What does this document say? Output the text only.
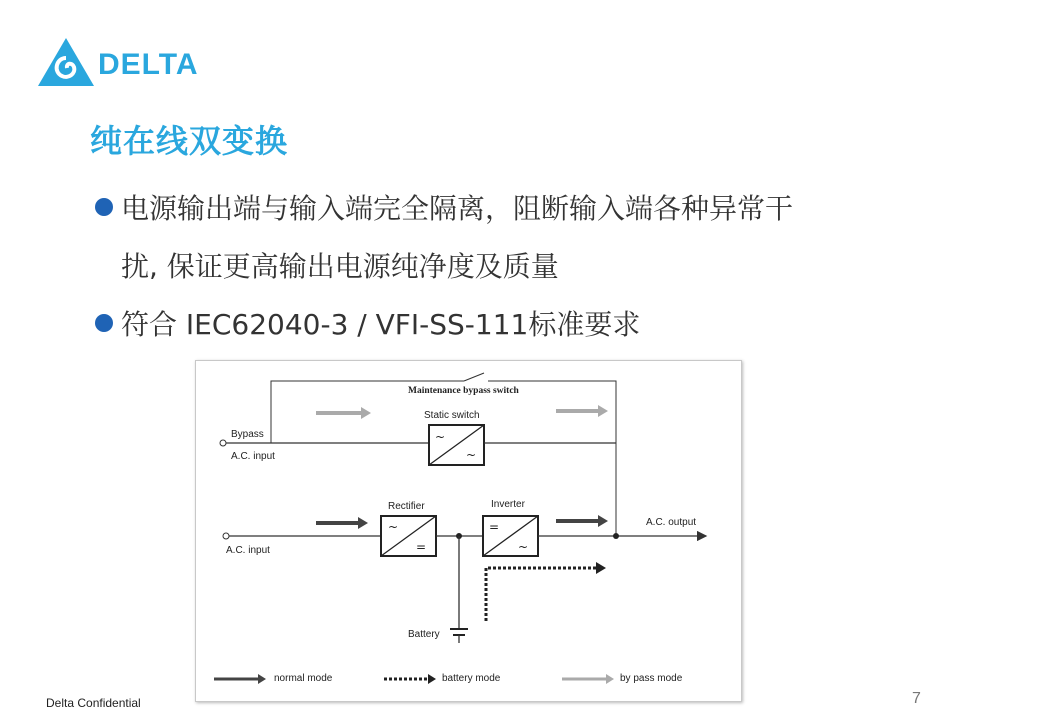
DELTA
纯在线双变换
电源输出端与输入端完全隔离，阻断输入端各种异常干
扰, 保证更高输出电源纯净度及质量
符合 IEC62040-3 / VFI-SS-111标准要求
~
~
~
=
=
~
Maintenance bypass switch
Static switch
Bypass
A.C. input
Rectifier	Inverter
A.C. output
A.C. input
Battery
normal mode	battery mode	by pass mode
Delta Confidential	7
